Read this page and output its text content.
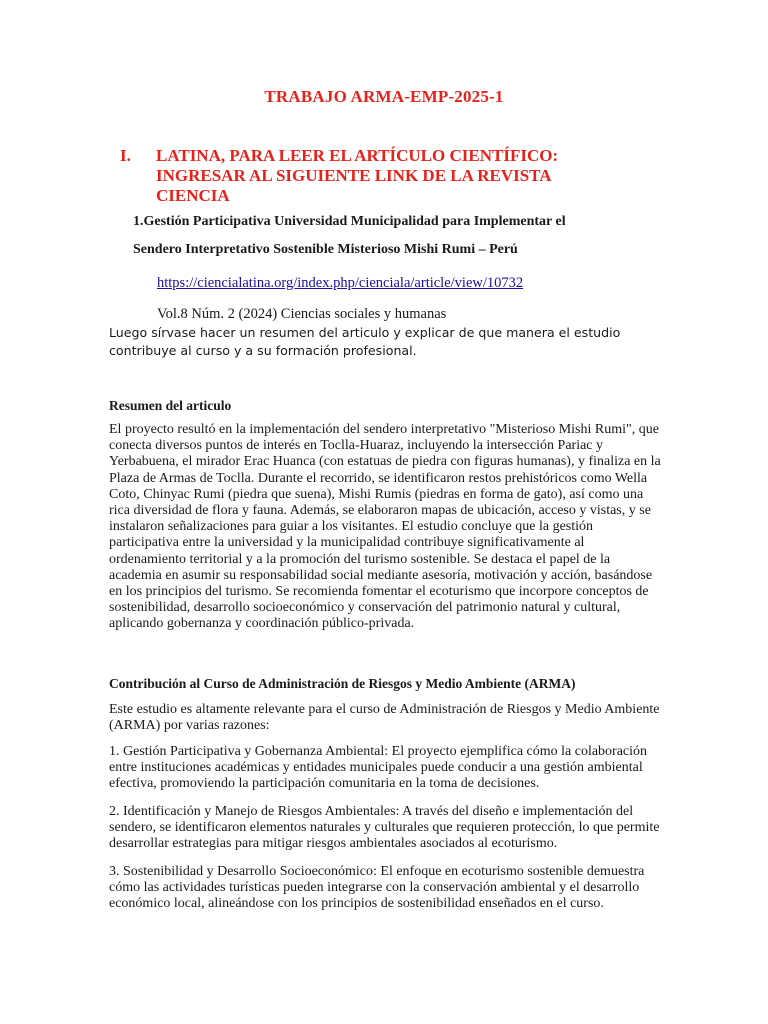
TRABAJO ARMA-EMP-2025-1
I. LATINA, PARA LEER EL ARTÍCULO CIENTÍFICO: INGRESAR AL SIGUIENTE LINK DE LA REVISTA CIENCIA
1.Gestión Participativa Universidad Municipalidad para Implementar el
Sendero Interpretativo Sostenible Misterioso Mishi Rumi – Perú
https://ciencialatina.org/index.php/cienciala/article/view/10732
Vol.8 Núm. 2 (2024) Ciencias sociales y humanas
Luego sírvase hacer un resumen del articulo y explicar de que manera el estudio contribuye al curso y a su formación profesional.
Resumen del articulo
El proyecto resultó en la implementación del sendero interpretativo "Misterioso Mishi Rumi", que conecta diversos puntos de interés en Toclla-Huaraz, incluyendo la intersección Pariac y Yerbabuena, el mirador Erac Huanca (con estatuas de piedra con figuras humanas), y finaliza en la Plaza de Armas de Toclla. Durante el recorrido, se identificaron restos prehistóricos como Wella Coto, Chinyac Rumi (piedra que suena), Mishi Rumis (piedras en forma de gato), así como una rica diversidad de flora y fauna. Además, se elaboraron mapas de ubicación, acceso y vistas, y se instalaron señalizaciones para guiar a los visitantes. El estudio concluye que la gestión participativa entre la universidad y la municipalidad contribuye significativamente al ordenamiento territorial y a la promoción del turismo sostenible. Se destaca el papel de la academia en asumir su responsabilidad social mediante asesoría, motivación y acción, basándose en los principios del turismo. Se recomienda fomentar el ecoturismo que incorpore conceptos de sostenibilidad, desarrollo socioeconómico y conservación del patrimonio natural y cultural, aplicando gobernanza y coordinación público-privada.
Contribución al Curso de Administración de Riesgos y Medio Ambiente (ARMA)
Este estudio es altamente relevante para el curso de Administración de Riesgos y Medio Ambiente (ARMA) por varias razones:
1. Gestión Participativa y Gobernanza Ambiental: El proyecto ejemplifica cómo la colaboración entre instituciones académicas y entidades municipales puede conducir a una gestión ambiental efectiva, promoviendo la participación comunitaria en la toma de decisiones.
2. Identificación y Manejo de Riesgos Ambientales: A través del diseño e implementación del sendero, se identificaron elementos naturales y culturales que requieren protección, lo que permite desarrollar estrategias para mitigar riesgos ambientales asociados al ecoturismo.
3. Sostenibilidad y Desarrollo Socioeconómico: El enfoque en ecoturismo sostenible demuestra cómo las actividades turísticas pueden integrarse con la conservación ambiental y el desarrollo económico local, alineándose con los principios de sostenibilidad enseñados en el curso.
